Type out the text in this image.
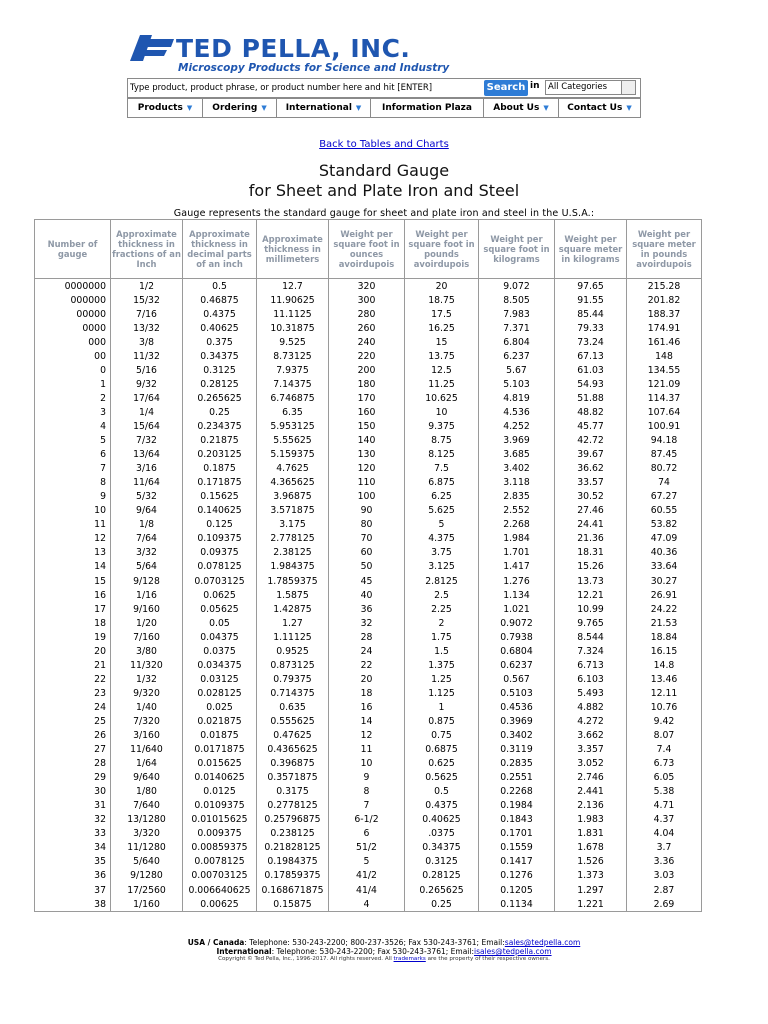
TED PELLA, INC.
Microscopy Products for Science and Industry
Type product, product phrase, or product number here and hit [ENTER]
Search in	All Categories
Products ▼ Ordering ▼ International ▼ Information Plaza About Us ▼ Contact Us ▼
Back to Tables and Charts
Standard Gauge
for Sheet and Plate Iron and Steel
Gauge represents the standard gauge for sheet and plate iron and steel in the U.S.A.:
Number of gauge	Approximate thickness in fractions of an Inch	Approximate thickness in decimal parts of an inch	Approximate thickness in millimeters	Weight per square foot in ounces avoirdupois	Weight per square foot in pounds avoirdupois	Weight per square foot in kilograms	Weight per square meter in kilograms	Weight per square meter in pounds avoirdupois
0000000	1/2	0.5	12.7	320	20	9.072	97.65	215.28
000000	15/32	0.46875	11.90625	300	18.75	8.505	91.55	201.82
00000	7/16	0.4375	11.1125	280	17.5	7.983	85.44	188.37
0000	13/32	0.40625	10.31875	260	16.25	7.371	79.33	174.91
000	3/8	0.375	9.525	240	15	6.804	73.24	161.46
00	11/32	0.34375	8.73125	220	13.75	6.237	67.13	148
0	5/16	0.3125	7.9375	200	12.5	5.67	61.03	134.55
1	9/32	0.28125	7.14375	180	11.25	5.103	54.93	121.09
2	17/64	0.265625	6.746875	170	10.625	4.819	51.88	114.37
3	1/4	0.25	6.35	160	10	4.536	48.82	107.64
4	15/64	0.234375	5.953125	150	9.375	4.252	45.77	100.91
5	7/32	0.21875	5.55625	140	8.75	3.969	42.72	94.18
6	13/64	0.203125	5.159375	130	8.125	3.685	39.67	87.45
7	3/16	0.1875	4.7625	120	7.5	3.402	36.62	80.72
8	11/64	0.171875	4.365625	110	6.875	3.118	33.57	74
9	5/32	0.15625	3.96875	100	6.25	2.835	30.52	67.27
10	9/64	0.140625	3.571875	90	5.625	2.552	27.46	60.55
11	1/8	0.125	3.175	80	5	2.268	24.41	53.82
12	7/64	0.109375	2.778125	70	4.375	1.984	21.36	47.09
13	3/32	0.09375	2.38125	60	3.75	1.701	18.31	40.36
14	5/64	0.078125	1.984375	50	3.125	1.417	15.26	33.64
15	9/128	0.0703125	1.7859375	45	2.8125	1.276	13.73	30.27
16	1/16	0.0625	1.5875	40	2.5	1.134	12.21	26.91
17	9/160	0.05625	1.42875	36	2.25	1.021	10.99	24.22
18	1/20	0.05	1.27	32	2	0.9072	9.765	21.53
19	7/160	0.04375	1.11125	28	1.75	0.7938	8.544	18.84
20	3/80	0.0375	0.9525	24	1.5	0.6804	7.324	16.15
21	11/320	0.034375	0.873125	22	1.375	0.6237	6.713	14.8
22	1/32	0.03125	0.79375	20	1.25	0.567	6.103	13.46
23	9/320	0.028125	0.714375	18	1.125	0.5103	5.493	12.11
24	1/40	0.025	0.635	16	1	0.4536	4.882	10.76
25	7/320	0.021875	0.555625	14	0.875	0.3969	4.272	9.42
26	3/160	0.01875	0.47625	12	0.75	0.3402	3.662	8.07
27	11/640	0.0171875	0.4365625	11	0.6875	0.3119	3.357	7.4
28	1/64	0.015625	0.396875	10	0.625	0.2835	3.052	6.73
29	9/640	0.0140625	0.3571875	9	0.5625	0.2551	2.746	6.05
30	1/80	0.0125	0.3175	8	0.5	0.2268	2.441	5.38
31	7/640	0.0109375	0.2778125	7	0.4375	0.1984	2.136	4.71
32	13/1280	0.01015625	0.25796875	6-1/2	0.40625	0.1843	1.983	4.37
33	3/320	0.009375	0.238125	6	.0375	0.1701	1.831	4.04
34	11/1280	0.00859375	0.21828125	51/2	0.34375	0.1559	1.678	3.7
35	5/640	0.0078125	0.1984375	5	0.3125	0.1417	1.526	3.36
36	9/1280	0.00703125	0.17859375	41/2	0.28125	0.1276	1.373	3.03
37	17/2560	0.006640625	0.168671875	41/4	0.265625	0.1205	1.297	2.87
38	1/160	0.00625	0.15875	4	0.25	0.1134	1.221	2.69
USA / Canada: Telephone: 530-243-2200; 800-237-3526; Fax 530-243-3761; Email:sales@tedpella.com
International: Telephone: 530-243-2200; Fax 530-243-3761; Email:isales@tedpella.com
Copyright © Ted Pella, Inc., 1996-2017. All rights reserved. All trademarks are the property of their respective owners.
